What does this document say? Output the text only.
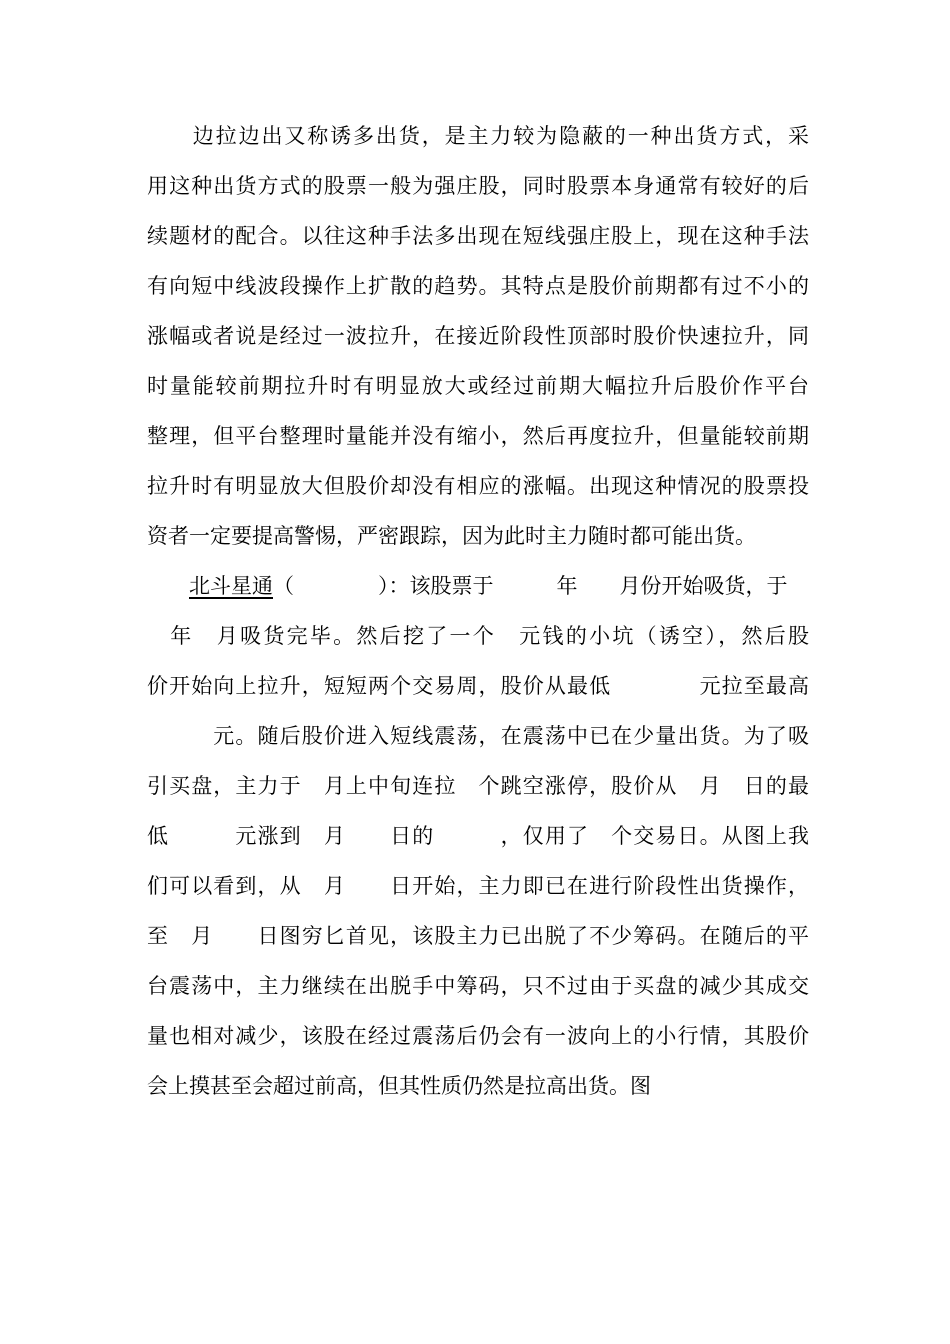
　　边拉边出又称诱多出货，是主力较为隐蔽的一种出货方式，采
用这种出货方式的股票一般为强庄股，同时股票本身通常有较好的后
续题材的配合。以往这种手法多出现在短线强庄股上，现在这种手法
有向短中线波段操作上扩散的趋势。其特点是股价前期都有过不小的
涨幅或者说是经过一波拉升，在接近阶段性顶部时股价快速拉升，同
时量能较前期拉升时有明显放大或经过前期大幅拉升后股价作平台
整理，但平台整理时量能并没有缩小，然后再度拉升，但量能较前期
拉升时有明显放大但股价却没有相应的涨幅。出现这种情况的股票投
资者一定要提高警惕，严密跟踪，因为此时主力随时都可能出货。
　　北斗星通（　　　　）：该股票于　　　年　　月份开始吸货，于
　年　月吸货完毕。然后挖了一个　元钱的小坑（诱空），然后股
价开始向上拉升，短短两个交易周，股价从最低　　　　元拉至最高
　　　元。随后股价进入短线震荡，在震荡中已在少量出货。为了吸
引买盘，主力于　月上中旬连拉　个跳空涨停，股价从　月　日的最
低　　　元涨到　月　　日的　　　，仅用了　个交易日。从图上我
们可以看到，从　月　　日开始，主力即已在进行阶段性出货操作，
至　月　　日图穷匕首见，该股主力已出脱了不少筹码。在随后的平
台震荡中，主力继续在出脱手中筹码，只不过由于买盘的减少其成交
量也相对减少，该股在经过震荡后仍会有一波向上的小行情，其股价
会上摸甚至会超过前高，但其性质仍然是拉高出货。图
